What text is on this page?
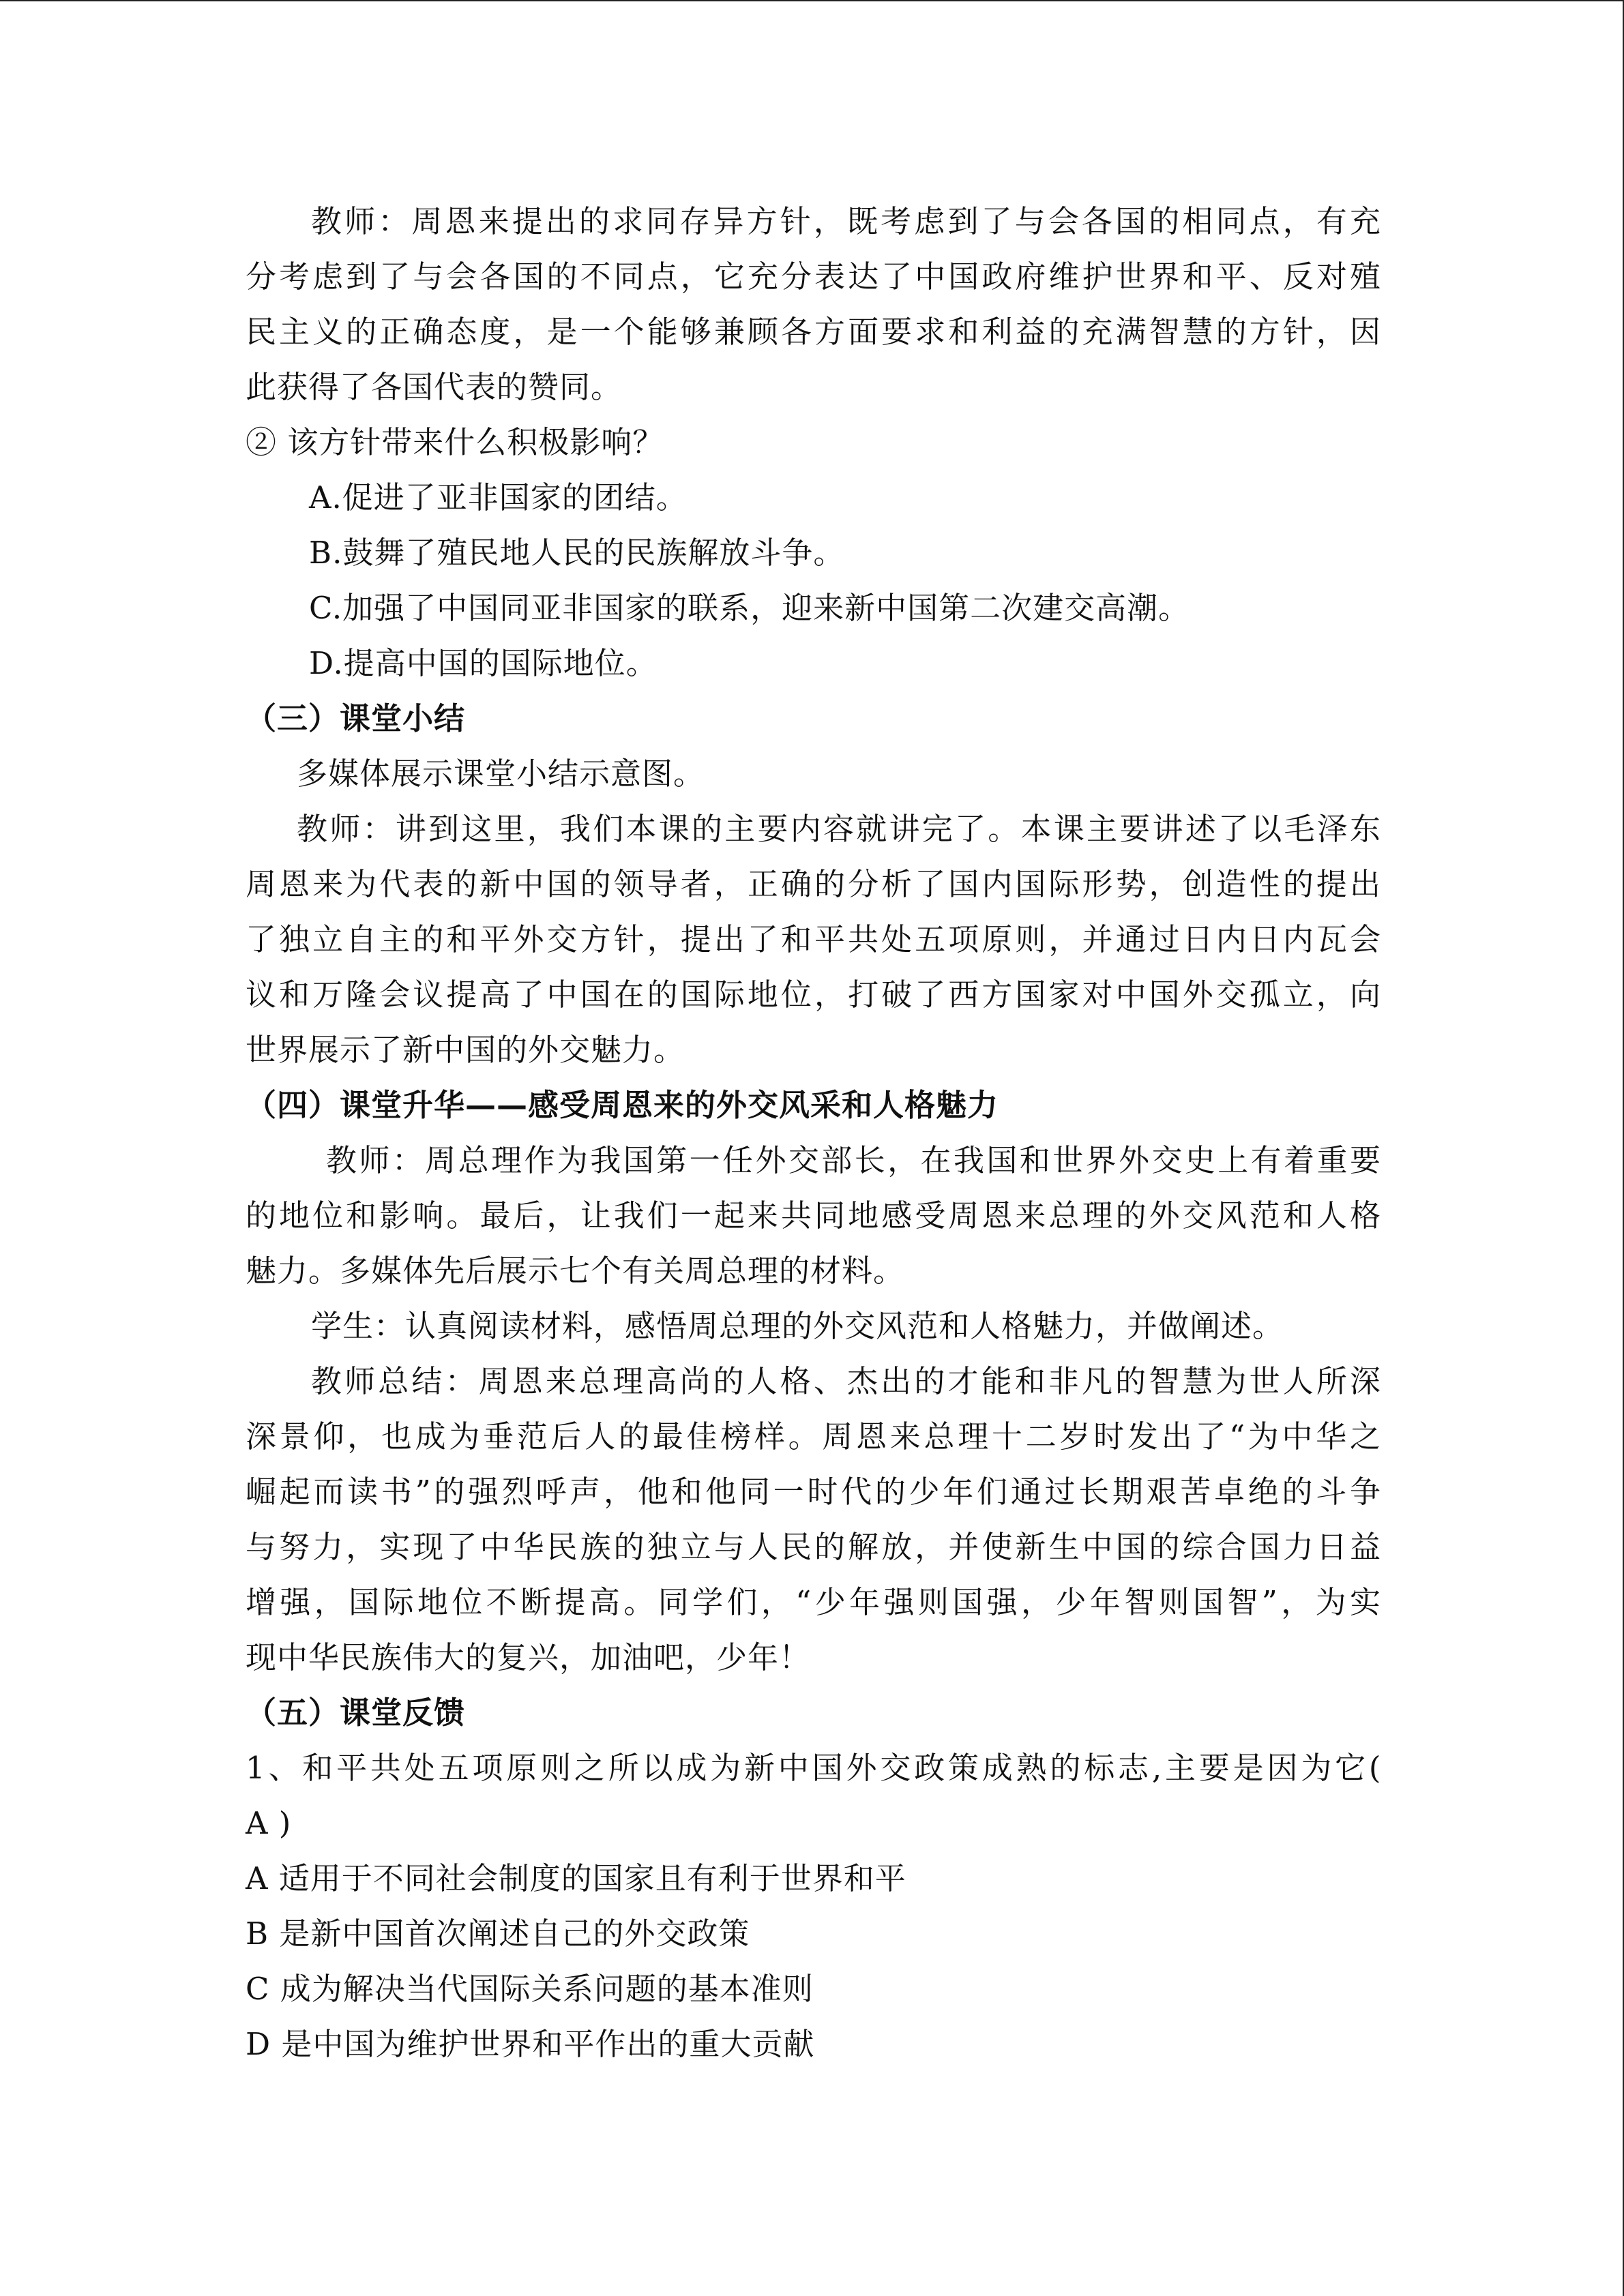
教师：周恩来提出的求同存异方针，既考虑到了与会各国的相同点，有充
分考虑到了与会各国的不同点，它充分表达了中国政府维护世界和平、反对殖
民主义的正确态度，是一个能够兼顾各方面要求和利益的充满智慧的方针，因
此获得了各国代表的赞同。
② 该方针带来什么积极影响？
A.促进了亚非国家的团结。
B.鼓舞了殖民地人民的民族解放斗争。
C.加强了中国同亚非国家的联系，迎来新中国第二次建交高潮。
D.提高中国的国际地位。
（三）课堂小结
多媒体展示课堂小结示意图。
教师：讲到这里，我们本课的主要内容就讲完了。本课主要讲述了以毛泽东
周恩来为代表的新中国的领导者，正确的分析了国内国际形势，创造性的提出
了独立自主的和平外交方针，提出了和平共处五项原则，并通过日内日内瓦会
议和万隆会议提高了中国在的国际地位，打破了西方国家对中国外交孤立，向
世界展示了新中国的外交魅力。
（四）课堂升华——感受周恩来的外交风采和人格魅力
教师：周总理作为我国第一任外交部长，在我国和世界外交史上有着重要
的地位和影响。最后，让我们一起来共同地感受周恩来总理的外交风范和人格
魅力。多媒体先后展示七个有关周总理的材料。
学生：认真阅读材料，感悟周总理的外交风范和人格魅力，并做阐述。
教师总结：周恩来总理高尚的人格、杰出的才能和非凡的智慧为世人所深
深景仰，也成为垂范后人的最佳榜样。周恩来总理十二岁时发出了“为中华之
崛起而读书”的强烈呼声，他和他同一时代的少年们通过长期艰苦卓绝的斗争
与努力，实现了中华民族的独立与人民的解放，并使新生中国的综合国力日益
增强，国际地位不断提高。同学们，“少年强则国强，少年智则国智”，为实
现中华民族伟大的复兴，加油吧，少年！
（五）课堂反馈
1、和平共处五项原则之所以成为新中国外交政策成熟的标志,主要是因为它(
A )
A 适用于不同社会制度的国家且有利于世界和平
B 是新中国首次阐述自己的外交政策
C 成为解决当代国际关系问题的基本准则
D 是中国为维护世界和平作出的重大贡献
